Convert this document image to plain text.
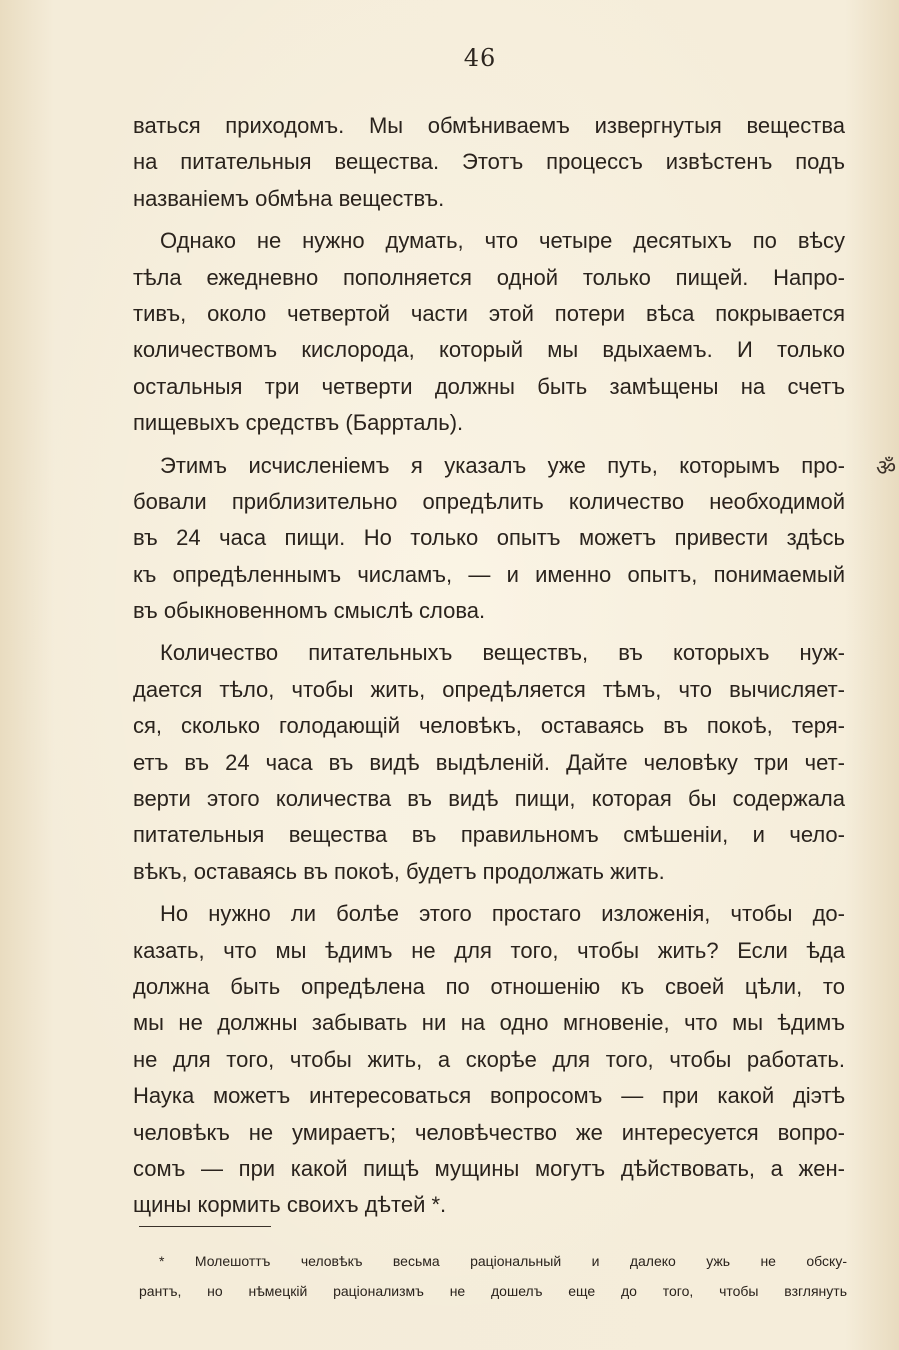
46
ваться приходомъ. Мы обмѣниваемъ извергнутыя вещества
на питательныя вещества. Этотъ процессъ извѣстенъ подъ
названіемъ обмѣна веществъ.
Однако не нужно думать, что четыре десятыхъ по вѣсу
тѣла ежедневно пополняется одной только пищей. Напро-
тивъ, около четвертой части этой потери вѣса покрывается
количествомъ кислорода, который мы вдыхаемъ. И только
остальныя три четверти должны быть замѣщены на счетъ
пищевыхъ средствъ (Баррталь).
Этимъ исчисленіемъ я указалъ уже путь, которымъ про-
бовали приблизительно опредѣлить количество необходимой
въ 24 часа пищи. Но только опытъ можетъ привести здѣсь
къ опредѣленнымъ числамъ, — и именно опытъ, понимаемый
въ обыкновенномъ смыслѣ слова.
Количество питательныхъ веществъ, въ которыхъ нуж-
дается тѣло, чтобы жить, опредѣляется тѣмъ, что вычисляет-
ся, сколько голодающій человѣкъ, оставаясь въ покоѣ, теря-
етъ въ 24 часа въ видѣ выдѣленій. Дайте человѣку три чет-
верти этого количества въ видѣ пищи, которая бы содержала
питательныя вещества въ правильномъ смѣшеніи, и чело-
вѣкъ, оставаясь въ покоѣ, будетъ продолжать жить.
Но нужно ли болѣе этого простаго изложенія, чтобы до-
казать, что мы ѣдимъ не для того, чтобы жить? Если ѣда
должна быть опредѣлена по отношенію къ своей цѣли, то
мы не должны забывать ни на одно мгновеніе, что мы ѣдимъ
не для того, чтобы жить, а скорѣе для того, чтобы работать.
Наука можетъ интересоваться вопросомъ — при какой діэтѣ
человѣкъ не умираетъ; человѣчество же интересуется вопро-
сомъ — при какой пищѣ мущины могутъ дѣйствовать, а жен-
щины кормить своихъ дѣтей *.
ॐ
* Молешоттъ человѣкъ весьма раціональный и далеко ужь не обску-
рантъ, но нѣмецкій раціонализмъ не дошелъ еще до того, чтобы взглянуть
